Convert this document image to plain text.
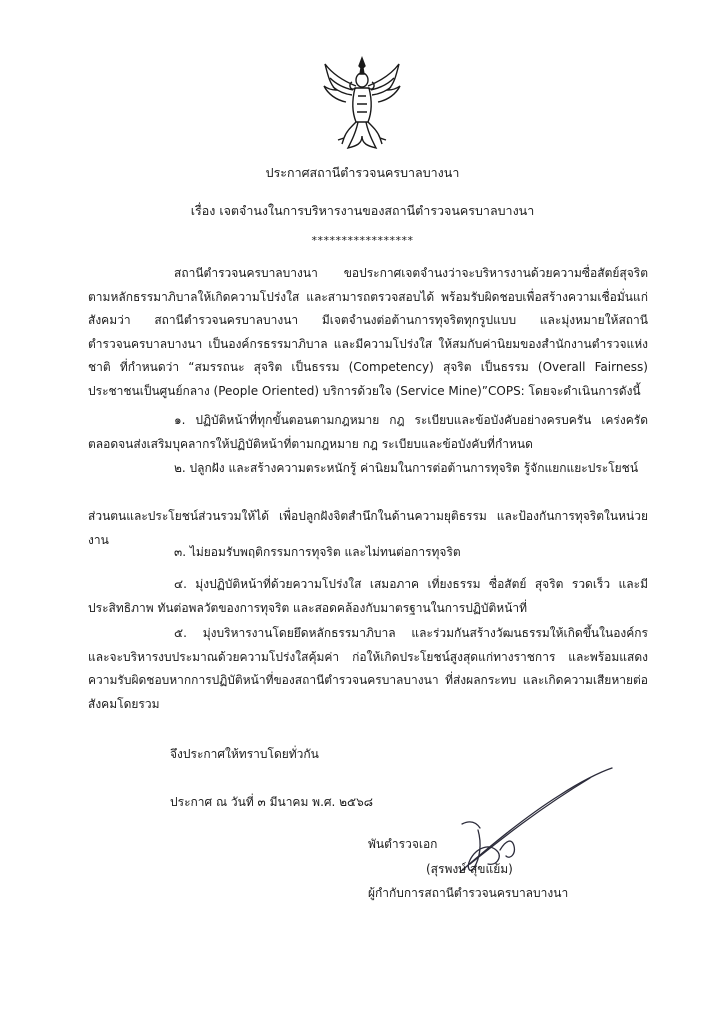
ประกาศสถานีตำรวจนครบาลบางนา
เรื่อง เจตจำนงในการบริหารงานของสถานีตำรวจนครบาลบางนา
*****************

สถานีตำรวจนครบาลบางนา ขอประกาศเจตจำนงว่าจะบริหารงานด้วยความซื่อสัตย์สุจริต ตามหลักธรรมาภิบาลให้เกิดความโปร่งใส และสามารถตรวจสอบได้ พร้อมรับผิดชอบเพื่อสร้างความเชื่อมั่นแก่สังคมว่า สถานีตำรวจนครบาลบางนา มีเจตจำนงต่อต้านการทุจริตทุกรูปแบบ และมุ่งหมายให้สถานีตำรวจนครบาลบางนา เป็นองค์กรธรรมาภิบาล และมีความโปร่งใส ให้สมกับค่านิยมของสำนักงานตำรวจแห่งชาติ ที่กำหนดว่า “สมรรถนะ สุจริต เป็นธรรม (Competency) สุจริต เป็นธรรม (Overall Fairness) ประชาชนเป็นศูนย์กลาง (People Oriented) บริการด้วยใจ (Service Mine)”COPS: โดยจะดำเนินการดังนี้

๑. ปฏิบัติหน้าที่ทุกขั้นตอนตามกฎหมาย กฎ ระเบียบและข้อบังคับอย่างครบครัน เคร่งครัด ตลอดจนส่งเสริมบุคลากรให้ปฏิบัติหน้าที่ตามกฎหมาย กฎ ระเบียบและข้อบังคับที่กำหนด

๒. ปลูกฝัง และสร้างความตระหนักรู้ ค่านิยมในการต่อต้านการทุจริต รู้จักแยกแยะประโยชน์

ส่วนตนและประโยชน์ส่วนรวมให้ได้ เพื่อปลูกฝังจิตสำนึกในด้านความยุติธรรม และป้องกันการทุจริตในหน่วยงาน

๓. ไม่ยอมรับพฤติกรรมการทุจริต และไม่ทนต่อการทุจริต

๔. มุ่งปฏิบัติหน้าที่ด้วยความโปร่งใส เสมอภาค เที่ยงธรรม ซื่อสัตย์ สุจริต รวดเร็ว และมีประสิทธิภาพ ทันต่อพลวัตของการทุจริต และสอดคล้องกับมาตรฐานในการปฏิบัติหน้าที่

๕. มุ่งบริหารงานโดยยึดหลักธรรมาภิบาล และร่วมกันสร้างวัฒนธรรมให้เกิดขึ้นในองค์กร และจะบริหารงบประมาณด้วยความโปร่งใสคุ้มค่า ก่อให้เกิดประโยชน์สูงสุดแก่ทางราชการ และพร้อมแสดงความรับผิดชอบหากการปฏิบัติหน้าที่ของสถานีตำรวจนครบาลบางนา ที่ส่งผลกระทบ และเกิดความเสียหายต่อสังคมโดยรวม

จึงประกาศให้ทราบโดยทั่วกัน
ประกาศ ณ วันที่ ๓ มีนาคม พ.ศ. ๒๕๖๘
พันตำรวจเอก
(สุรพงษ์ สุขแย้ม)
ผู้กำกับการสถานีตำรวจนครบาลบางนา
